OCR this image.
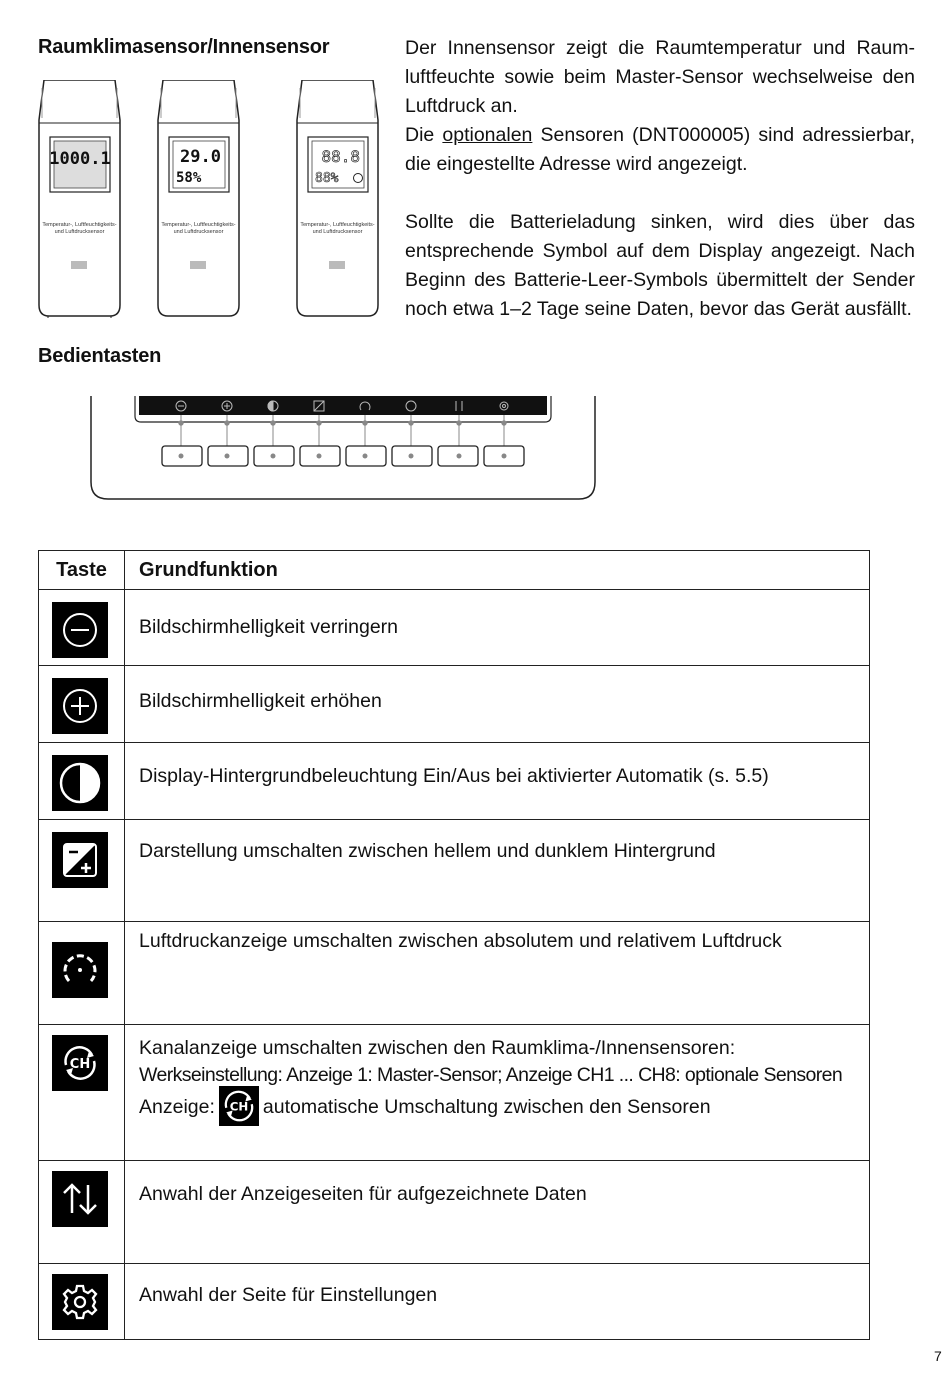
Raumklimasensor/Innensensor
Bedientasten

Der Innensensor zeigt die Raumtemperatur und Raumluftfeuchte sowie beim Master-Sensor wechselweise den Luftdruck an.

Die optionalen Sensoren (DNT000005) sind adressierbar, die eingestellte Adresse wird angezeigt.

Sollte die Batterieladung sinken, wird dies über das entsprechende Symbol auf dem Display angezeigt. Nach Beginn des Batterie-Leer-Symbols übermittelt der Sender noch etwa 1–2 Tage seine Daten, bevor das Gerät ausfällt.

1000.1
Temperatur-, Luftfeuchtigkeits- und Luftdrucksensor
29.0
58%
Temperatur-, Luftfeuchtigkeits- und Luftdrucksensor
88.8
88%
Temperatur-, Luftfeuchtigkeits- und Luftdrucksensor
Taste	Grundfunktion

	Bildschirmhelligkeit verringern

	Bildschirmhelligkeit erhöhen

	Display-Hintergrundbeleuchtung Ein/Aus bei aktivierter Automatik (s. 5.5)

	Darstellung umschalten zwischen hellem und dunklem Hintergrund

	Luftdruckanzeige umschalten zwischen absolutem und relativem Luftdruck

CH	Kanalanzeige umschalten zwischen den Raumklima-/Innensensoren:
Werkseinstellung: Anzeige 1: Master-Sensor; Anzeige CH1 ... CH8: optionale Sensoren
Anzeige: CH automatische Umschaltung zwischen den Sensoren

	Anwahl der Anzeigeseiten für aufgezeichnete Daten

	Anwahl der Seite für Einstellungen
7
